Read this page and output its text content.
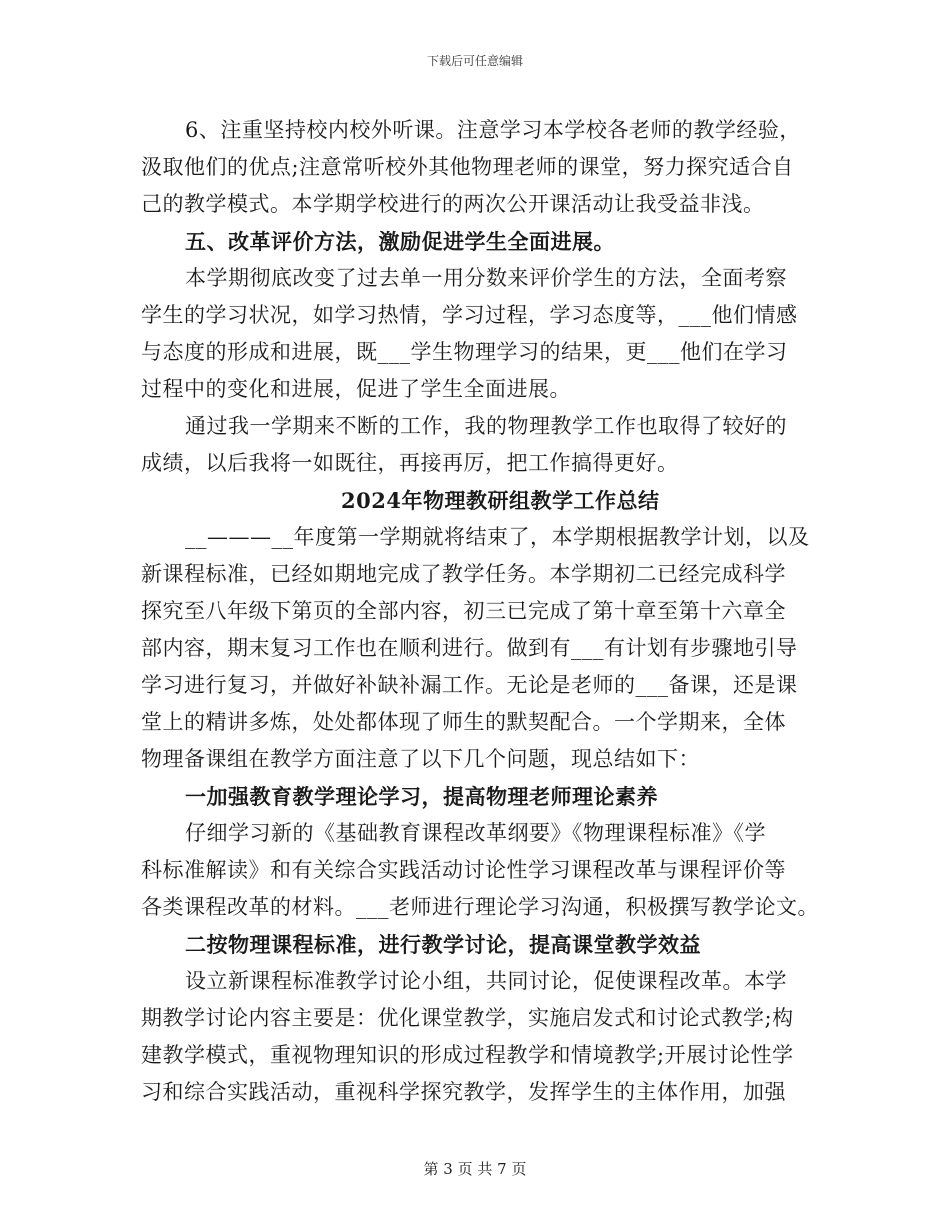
下载后可任意编辑
6、注重坚持校内校外听课。注意学习本学校各老师的教学经验，
汲取他们的优点;注意常听校外其他物理老师的课堂，努力探究适合自
己的教学模式。本学期学校进行的两次公开课活动让我受益非浅。
五、改革评价方法，激励促进学生全面进展。
本学期彻底改变了过去单一用分数来评价学生的方法，全面考察
学生的学习状况，如学习热情，学习过程，学习态度等，___他们情感
与态度的形成和进展，既___学生物理学习的结果，更___他们在学习
过程中的变化和进展，促进了学生全面进展。
通过我一学期来不断的工作，我的物理教学工作也取得了较好的
成绩，以后我将一如既往，再接再厉，把工作搞得更好。
2024年物理教研组教学工作总结
__———__年度第一学期就将结束了，本学期根据教学计划，以及
新课程标准，已经如期地完成了教学任务。本学期初二已经完成科学
探究至八年级下第页的全部内容，初三已完成了第十章至第十六章全
部内容，期末复习工作也在顺利进行。做到有___有计划有步骤地引导
学习进行复习，并做好补缺补漏工作。无论是老师的___备课，还是课
堂上的精讲多炼，处处都体现了师生的默契配合。一个学期来，全体
物理备课组在教学方面注意了以下几个问题，现总结如下：
一加强教育教学理论学习，提高物理老师理论素养
仔细学习新的《基础教育课程改革纲要》《物理课程标准》《学
科标准解读》和有关综合实践活动讨论性学习课程改革与课程评价等
各类课程改革的材料。___老师进行理论学习沟通，积极撰写教学论文。
二按物理课程标准，进行教学讨论，提高课堂教学效益
设立新课程标准教学讨论小组，共同讨论，促使课程改革。本学
期教学讨论内容主要是：优化课堂教学，实施启发式和讨论式教学;构
建教学模式，重视物理知识的形成过程教学和情境教学;开展讨论性学
习和综合实践活动，重视科学探究教学，发挥学生的主体作用，加强
第 3 页 共 7 页
